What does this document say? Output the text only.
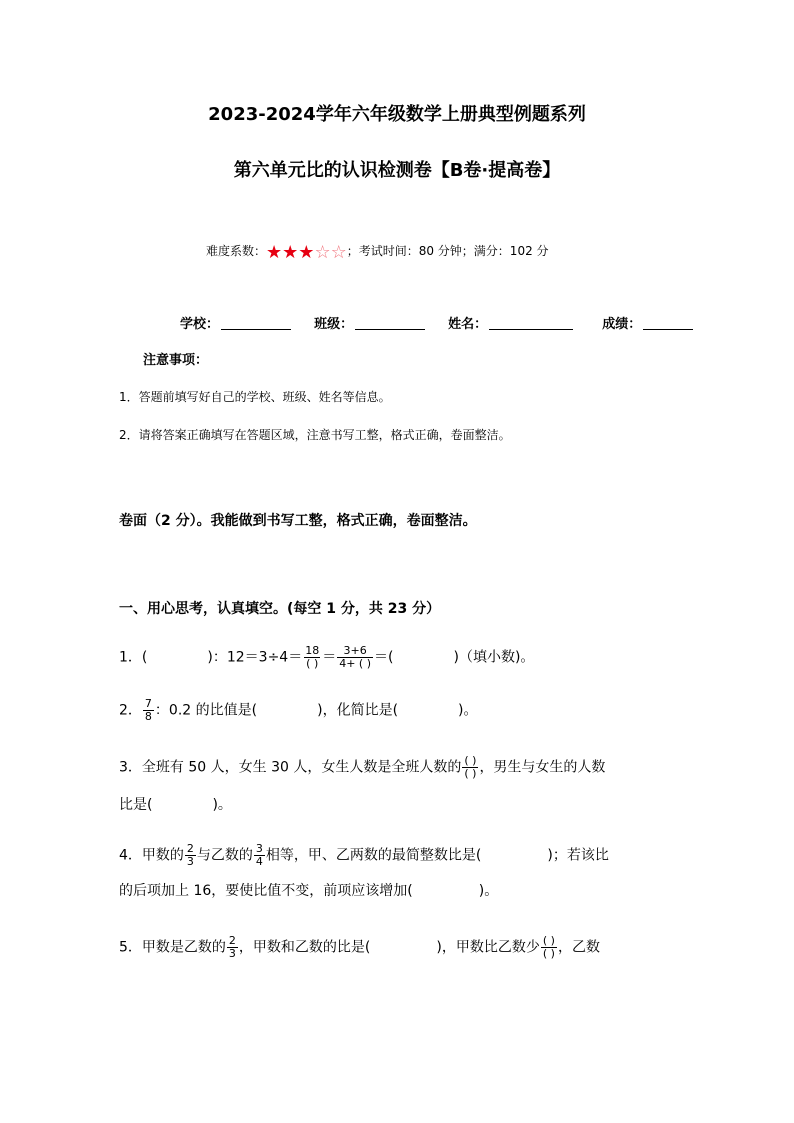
2023-2024学年六年级数学上册典型例题系列
第六单元比的认识检测卷【B卷·提高卷】
难度系数：★★★☆☆；考试时间：80 分钟；满分：102 分
学校：	班级：	姓名：	成绩：
注意事项：
1．答题前填写好自己的学校、班级、姓名等信息。
2．请将答案正确填写在答题区域，注意书写工整，格式正确，卷面整洁。
卷面（2 分）。我能做到书写工整，格式正确，卷面整洁。
一、用心思考，认真填空。(每空 1 分，共 23 分）
1．(	)：$12=3\div 4= \frac{18}{( )} = \frac{3+6}{4+ ( )}$ ＝(	)（填小数)。
2． $\frac{7}{8}$ ：0.2 的比值是(	)，化简比是(	)。
3．全班有 50 人，女生 30 人，女生人数是全班人数的 $\frac{( )}{( )}$ ，男生与女生的人数
比是(	)。
4．甲数的 $\frac{2}{3}$ 与乙数的 $\frac{3}{4}$ 相等，甲、乙两数的最简整数比是(	)；若该比
的后项加上 16，要使比值不变，前项应该增加(	)。
5．甲数是乙数的 $\frac{2}{3}$ ，甲数和乙数的比是(	)，甲数比乙数少 $\frac{( )}{( )}$ ，乙数
